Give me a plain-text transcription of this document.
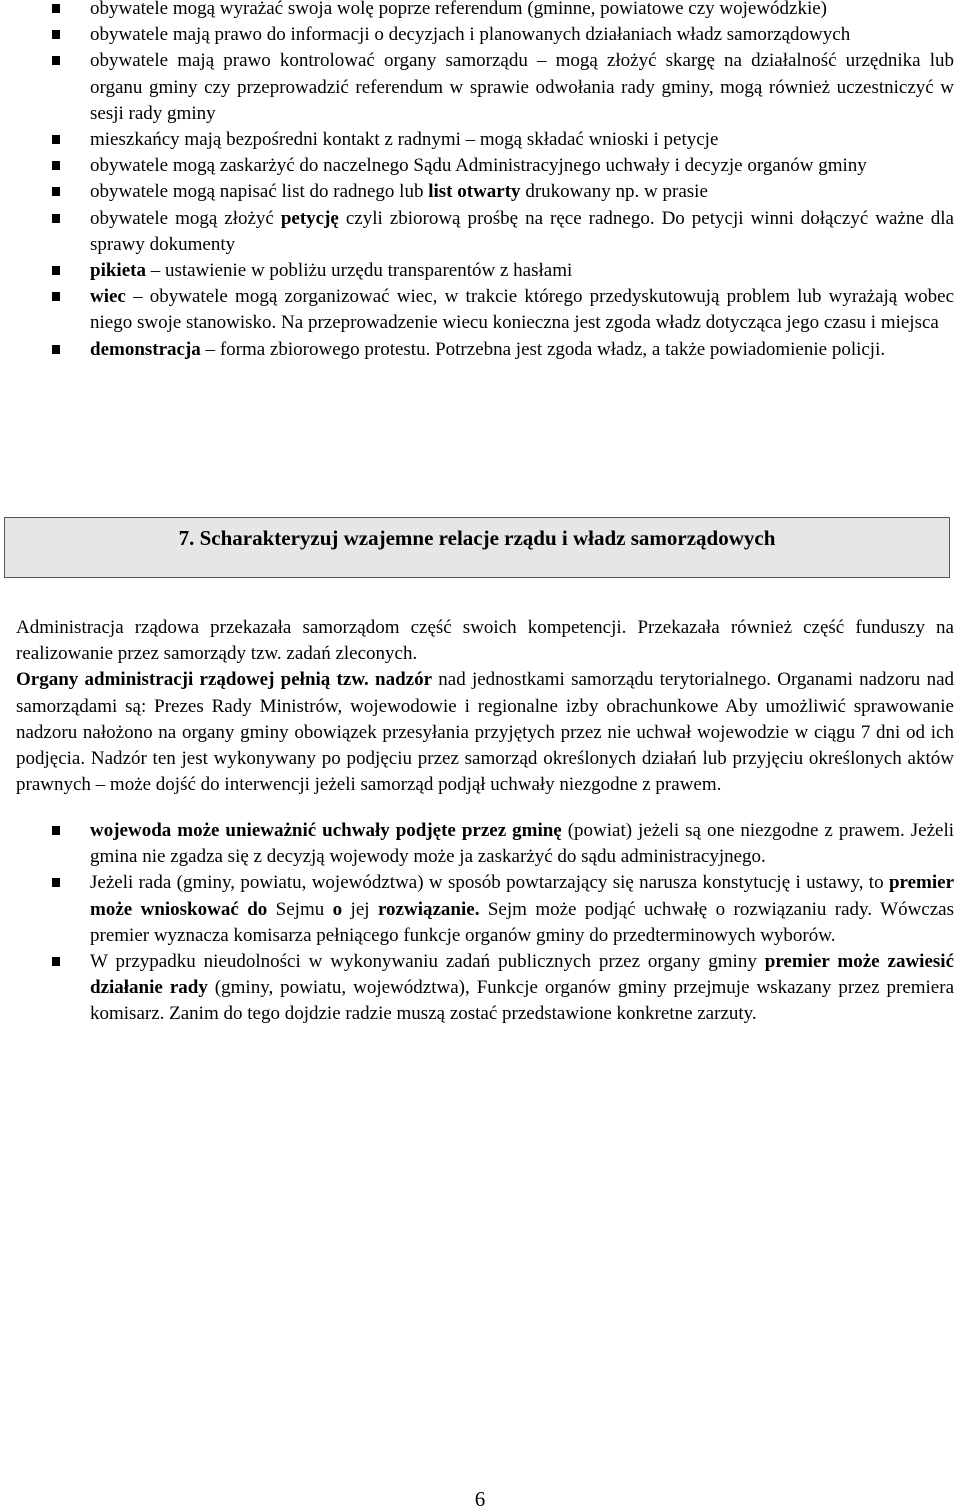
obywatele mogą wyrażać swoja wolę poprze referendum (gminne, powiatowe czy wojewódzkie)
obywatele mają prawo do informacji o decyzjach i planowanych działaniach władz samorządowych
obywatele mają prawo kontrolować organy samorządu – mogą złożyć skargę na działalność urzędnika lub organu gminy czy przeprowadzić referendum w sprawie odwołania rady gminy, mogą również uczestniczyć w sesji rady gminy
mieszkańcy mają bezpośredni kontakt z radnymi – mogą składać wnioski i petycje
obywatele mogą zaskarżyć do naczelnego Sądu Administracyjnego uchwały i decyzje organów gminy
obywatele mogą napisać list do radnego lub list otwarty drukowany np. w prasie
obywatele mogą złożyć petycję czyli zbiorową prośbę na ręce radnego. Do petycji winni dołączyć ważne dla sprawy dokumenty
pikieta – ustawienie w pobliżu urzędu transparentów z hasłami
wiec – obywatele mogą zorganizować wiec, w trakcie którego przedyskutowują problem lub wyrażają wobec niego swoje stanowisko. Na przeprowadzenie wiecu konieczna jest zgoda władz dotycząca jego czasu i miejsca
demonstracja – forma zbiorowego protestu. Potrzebna jest zgoda władz, a także powiadomienie policji.
7. Scharakteryzuj wzajemne relacje rządu i władz samorządowych

Administracja rządowa przekazała samorządom część swoich kompetencji. Przekazała również część funduszy na realizowanie przez samorządy tzw. zadań zleconych.

Organy administracji rządowej pełnią tzw. nadzór nad jednostkami samorządu terytorialnego. Organami nadzoru nad samorządami są: Prezes Rady Ministrów, wojewodowie i regionalne izby obrachunkowe Aby umożliwić sprawowanie nadzoru nałożono na organy gminy obowiązek przesyłania przyjętych przez nie uchwał wojewodzie w ciągu 7 dni od ich podjęcia. Nadzór ten jest wykonywany po podjęciu przez samorząd określonych działań lub przyjęciu określonych aktów prawnych – może dojść do interwencji jeżeli samorząd podjął uchwały niezgodne z prawem.

wojewoda może unieważnić uchwały podjęte przez gminę (powiat) jeżeli są one niezgodne z prawem. Jeżeli gmina nie zgadza się z decyzją wojewody może ja zaskarżyć do sądu administracyjnego.
Jeżeli rada (gminy, powiatu, województwa) w sposób powtarzający się narusza konstytucję i ustawy, to premier może wnioskować do Sejmu o jej rozwiązanie. Sejm może podjąć uchwałę o rozwiązaniu rady. Wówczas premier wyznacza komisarza pełniącego funkcje organów gminy do przedterminowych wyborów.
W przypadku nieudolności w wykonywaniu zadań publicznych przez organy gminy premier może zawiesić działanie rady (gminy, powiatu, województwa), Funkcje organów gminy przejmuje wskazany przez premiera komisarz. Zanim do tego dojdzie radzie muszą zostać przedstawione konkretne zarzuty.
6
